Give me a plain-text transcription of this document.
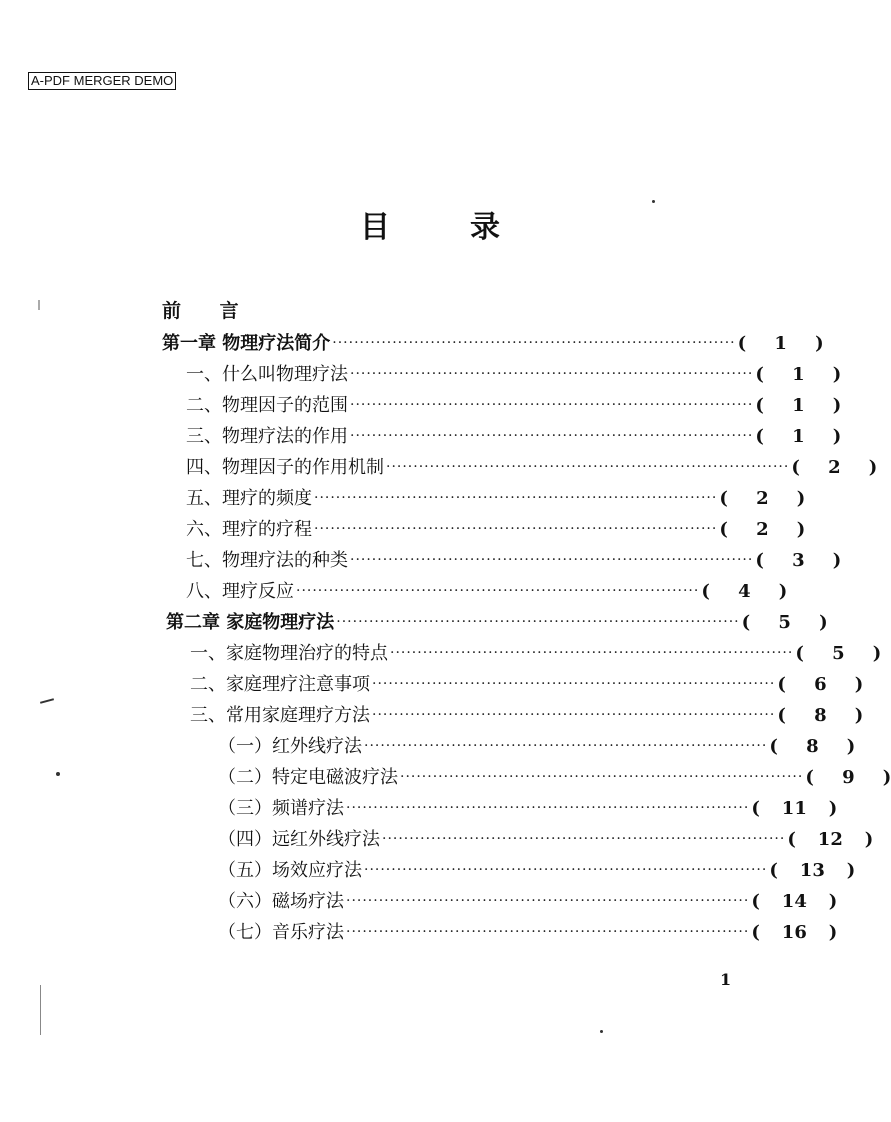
A-PDF MERGER DEMO
目	录
前 言
第一章 物理疗法简介 ·········································································· (	1	)
一、什么叫物理疗法 ·········································································· (	1	)
二、物理因子的范围 ·········································································· (	1	)
三、物理疗法的作用 ·········································································· (	1	)
四、物理因子的作用机制 ·········································································· (	2	)
五、理疗的频度 ·········································································· (	2	)
六、理疗的疗程 ·········································································· (	2	)
七、物理疗法的种类 ·········································································· (	3	)
八、理疗反应 ·········································································· (	4	)
第二章 家庭物理疗法 ·········································································· (	5	)
一、家庭物理治疗的特点 ·········································································· (	5	)
二、家庭理疗注意事项 ·········································································· (	6	)
三、常用家庭理疗方法 ·········································································· (	8	)
（一）红外线疗法 ·········································································· (	8	)
（二）特定电磁波疗法 ·········································································· (	9	)
（三）频谱疗法 ·········································································· ( 11 )
（四）远红外线疗法 ·········································································· ( 12 )
（五）场效应疗法 ·········································································· ( 13 )
（六）磁场疗法 ·········································································· ( 14 )
（七）音乐疗法 ·········································································· ( 16 )
1
